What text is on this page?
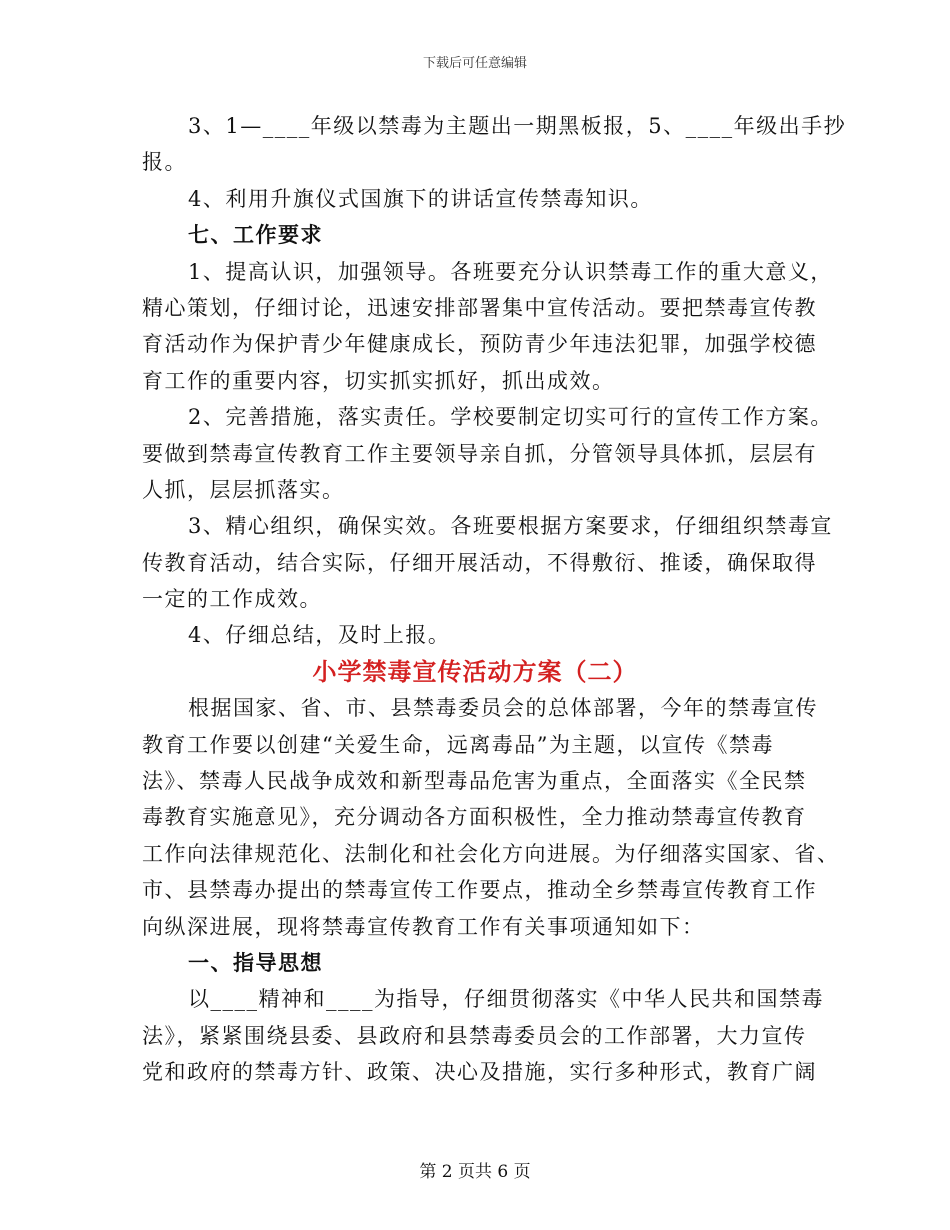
下载后可任意编辑
3、1—____年级以禁毒为主题出一期黑板报，5、____年级出手抄
报。
4、利用升旗仪式国旗下的讲话宣传禁毒知识。
七、工作要求
1、提高认识，加强领导。各班要充分认识禁毒工作的重大意义，
精心策划，仔细讨论，迅速安排部署集中宣传活动。要把禁毒宣传教
育活动作为保护青少年健康成长，预防青少年违法犯罪，加强学校德
育工作的重要内容，切实抓实抓好，抓出成效。
2、完善措施，落实责任。学校要制定切实可行的宣传工作方案。
要做到禁毒宣传教育工作主要领导亲自抓，分管领导具体抓，层层有
人抓，层层抓落实。
3、精心组织，确保实效。各班要根据方案要求，仔细组织禁毒宣
传教育活动，结合实际，仔细开展活动，不得敷衍、推诿，确保取得
一定的工作成效。
4、仔细总结，及时上报。
小学禁毒宣传活动方案（二）
根据国家、省、市、县禁毒委员会的总体部署，今年的禁毒宣传
教育工作要以创建“关爱生命，远离毒品”为主题，以宣传《禁毒
法》、禁毒人民战争成效和新型毒品危害为重点，全面落实《全民禁
毒教育实施意见》，充分调动各方面积极性，全力推动禁毒宣传教育
工作向法律规范化、法制化和社会化方向进展。为仔细落实国家、省、
市、县禁毒办提出的禁毒宣传工作要点，推动全乡禁毒宣传教育工作
向纵深进展，现将禁毒宣传教育工作有关事项通知如下：
一、指导思想
以____精神和____为指导，仔细贯彻落实《中华人民共和国禁毒
法》，紧紧围绕县委、县政府和县禁毒委员会的工作部署，大力宣传
党和政府的禁毒方针、政策、决心及措施，实行多种形式，教育广阔
第 2 页共 6 页
